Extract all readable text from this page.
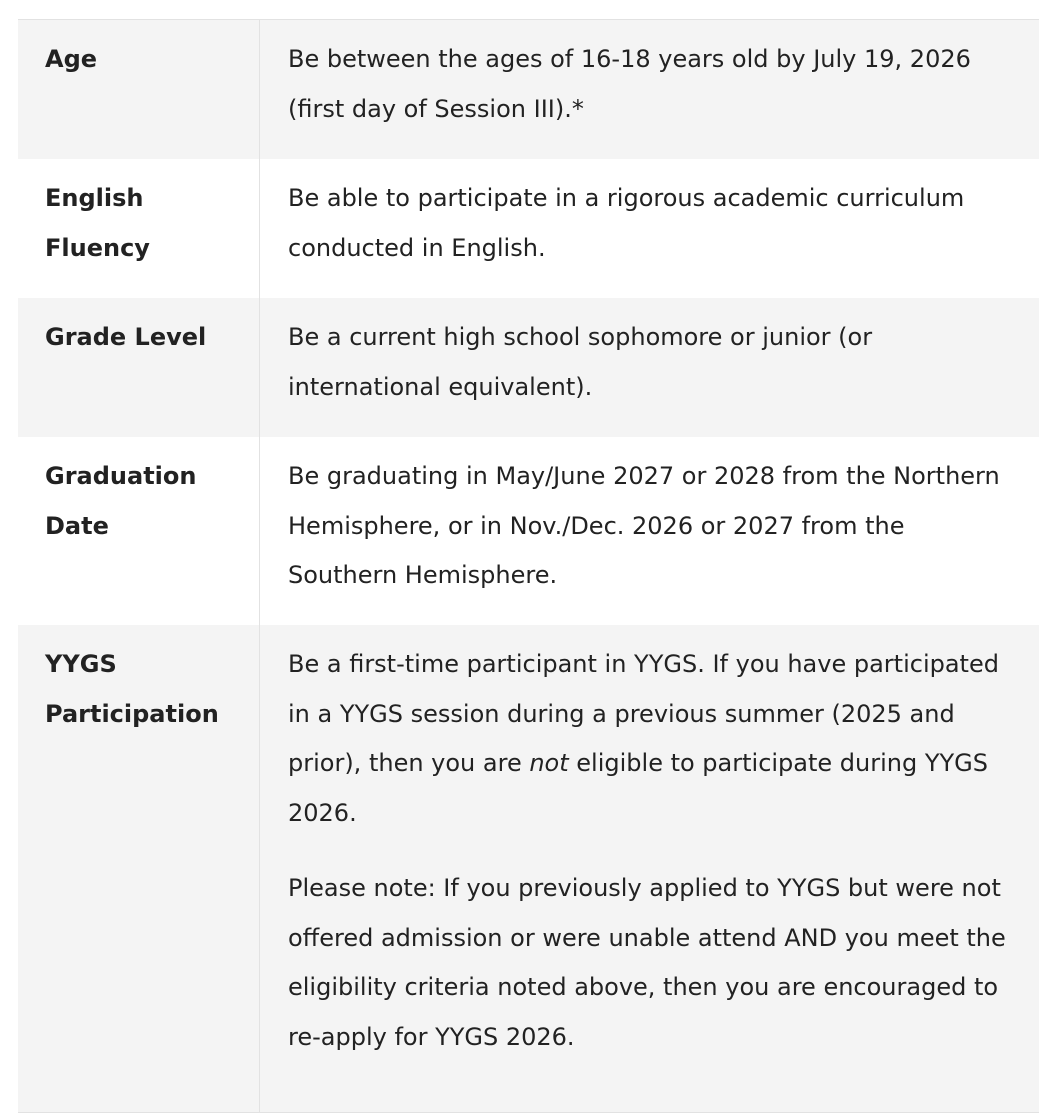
Age	Be between the ages of 16-18 years old by July 19, 2026 (first day of Session III).*

English Fluency

Be able to participate in a rigorous academic curriculum conducted in English.

Grade Level	Be a current high school sophomore or junior (or international equivalent).

Graduation Date

Be graduating in May/June 2027 or 2028 from the Northern Hemisphere, or in Nov./Dec. 2026 or 2027 from the Southern Hemisphere.

YYGS Participation

Be a first-time participant in YYGS. If you have participated in a YYGS session during a previous summer (2025 and prior), then you are not eligible to participate during YYGS 2026.

Please note: If you previously applied to YYGS but were not offered admission or were unable attend AND you meet the eligibility criteria noted above, then you are encouraged to re-apply for YYGS 2026.
